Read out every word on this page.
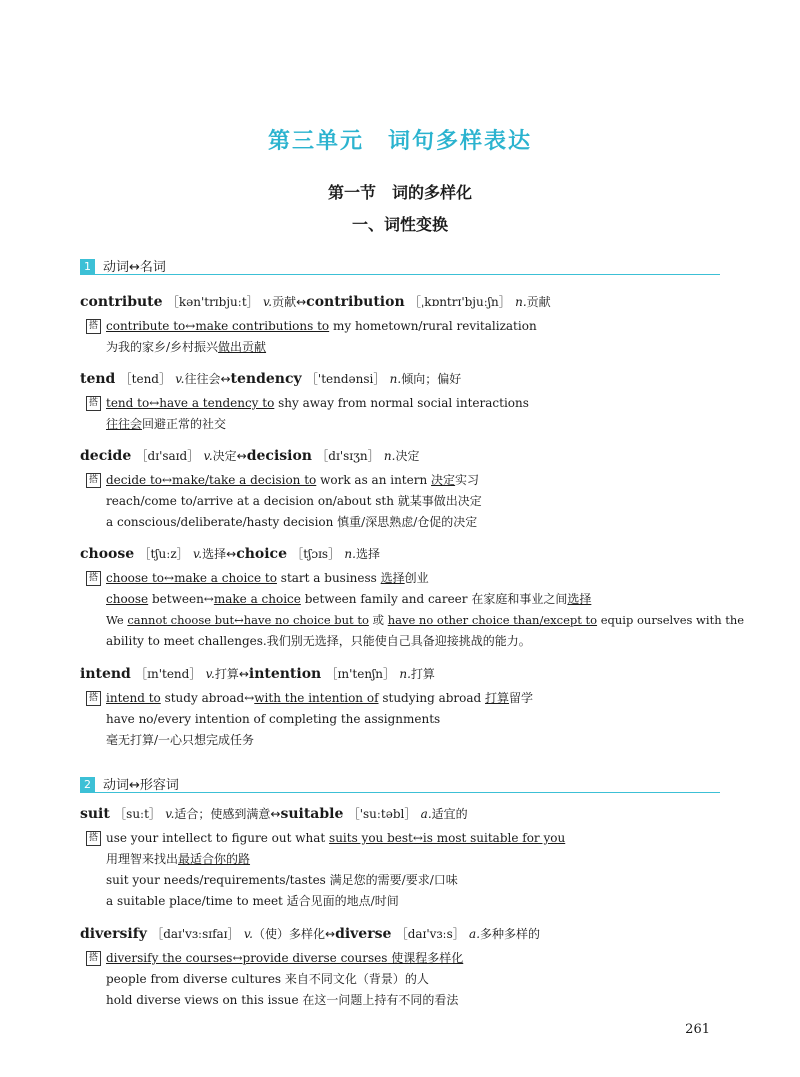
第三单元　词句多样表达
第一节　词的多样化
一、词性变换
1 动词↔名词
contribute ［kən'trɪbjuːt］ v.贡献↔contribution ［ˌkɒntrɪ'bjuːʃn］ n.贡献
搭 contribute to↔make contributions to my hometown/rural revitalization
为我的家乡/乡村振兴做出贡献
tend ［tend］ v.往往会↔tendency ［'tendənsi］ n.倾向；偏好
搭 tend to↔have a tendency to shy away from normal social interactions
往往会回避正常的社交
decide ［dɪ'saɪd］ v.决定↔decision ［dɪ'sɪʒn］ n.决定
搭 decide to↔make/take a decision to work as an intern 决定实习
reach/come to/arrive at a decision on/about sth 就某事做出决定
a conscious/deliberate/hasty decision 慎重/深思熟虑/仓促的决定
choose ［tʃuːz］ v.选择↔choice ［tʃɔɪs］ n.选择
搭 choose to↔make a choice to start a business 选择创业
choose between↔make a choice between family and career 在家庭和事业之间选择
We cannot choose but↔have no choice but to 或 have no other choice than/except to equip ourselves with the
ability to meet challenges.我们别无选择，只能使自己具备迎接挑战的能力。
intend ［ɪn'tend］ v.打算↔intention ［ɪn'tenʃn］ n.打算
搭 intend to study abroad↔with the intention of studying abroad 打算留学
have no/every intention of completing the assignments
毫无打算/一心只想完成任务
2 动词↔形容词
suit ［suːt］ v.适合；使感到满意↔suitable ［'suːtəbl］ a.适宜的
搭 use your intellect to figure out what suits you best↔is most suitable for you
用理智来找出最适合你的路
suit your needs/requirements/tastes 满足您的需要/要求/口味
a suitable place/time to meet 适合见面的地点/时间
diversify ［daɪ'vɜːsɪfaɪ］ v.（使）多样化↔diverse ［daɪ'vɜːs］ a.多种多样的
搭 diversify the courses↔provide diverse courses 使课程多样化
people from diverse cultures 来自不同文化（背景）的人
hold diverse views on this issue 在这一问题上持有不同的看法
261
